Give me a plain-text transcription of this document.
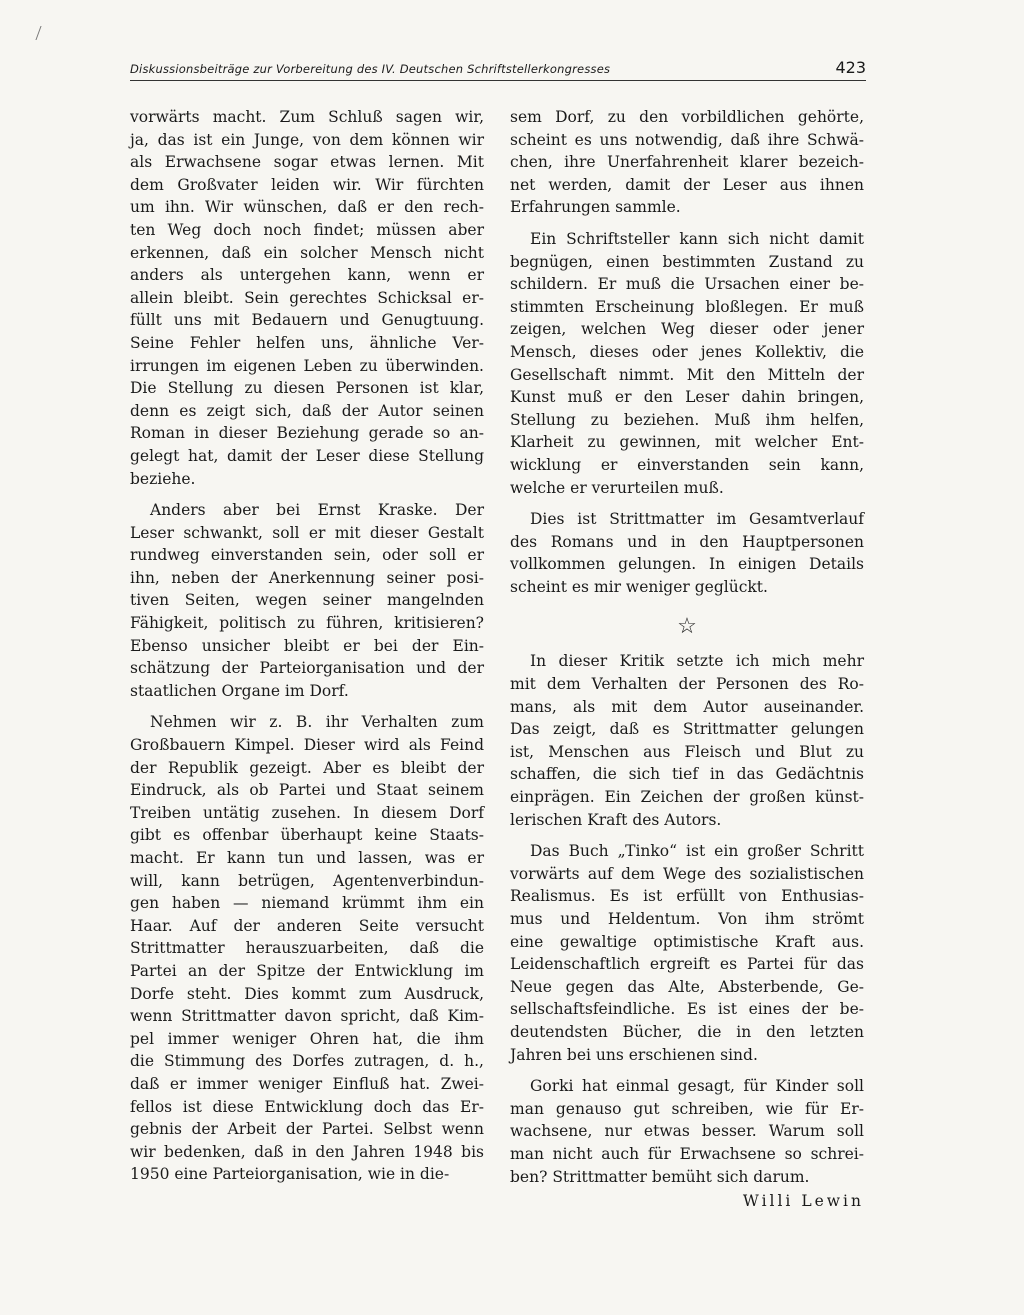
Diskussionsbeiträge zur Vorbereitung des IV. Deutschen Schriftstellerkongresses	423
vorwärts macht. Zum Schluß sagen wir,
ja, das ist ein Junge, von dem können wir
als Erwachsene sogar etwas lernen. Mit
dem Großvater leiden wir. Wir fürchten
um ihn. Wir wünschen, daß er den rech-
ten Weg doch noch findet; müssen aber
erkennen, daß ein solcher Mensch nicht
anders als untergehen kann, wenn er
allein bleibt. Sein gerechtes Schicksal er-
füllt uns mit Bedauern und Genugtuung.
Seine Fehler helfen uns, ähnliche Ver-
irrungen im eigenen Leben zu überwinden.
Die Stellung zu diesen Personen ist klar,
denn es zeigt sich, daß der Autor seinen
Roman in dieser Beziehung gerade so an-
gelegt hat, damit der Leser diese Stellung
beziehe.
Anders aber bei Ernst Kraske. Der
Leser schwankt, soll er mit dieser Gestalt
rundweg einverstanden sein, oder soll er
ihn, neben der Anerkennung seiner posi-
tiven Seiten, wegen seiner mangelnden
Fähigkeit, politisch zu führen, kritisieren?
Ebenso unsicher bleibt er bei der Ein-
schätzung der Parteiorganisation und der
staatlichen Organe im Dorf.
Nehmen wir z. B. ihr Verhalten zum
Großbauern Kimpel. Dieser wird als Feind
der Republik gezeigt. Aber es bleibt der
Eindruck, als ob Partei und Staat seinem
Treiben untätig zusehen. In diesem Dorf
gibt es offenbar überhaupt keine Staats-
macht. Er kann tun und lassen, was er
will, kann betrügen, Agentenverbindun-
gen haben — niemand krümmt ihm ein
Haar. Auf der anderen Seite versucht
Strittmatter herauszuarbeiten, daß die
Partei an der Spitze der Entwicklung im
Dorfe steht. Dies kommt zum Ausdruck,
wenn Strittmatter davon spricht, daß Kim-
pel immer weniger Ohren hat, die ihm
die Stimmung des Dorfes zutragen, d. h.,
daß er immer weniger Einfluß hat. Zwei-
fellos ist diese Entwicklung doch das Er-
gebnis der Arbeit der Partei. Selbst wenn
wir bedenken, daß in den Jahren 1948 bis
1950 eine Parteiorganisation, wie in die-
sem Dorf, zu den vorbildlichen gehörte,
scheint es uns notwendig, daß ihre Schwä-
chen, ihre Unerfahrenheit klarer bezeich-
net werden, damit der Leser aus ihnen
Erfahrungen sammle.
Ein Schriftsteller kann sich nicht damit
begnügen, einen bestimmten Zustand zu
schildern. Er muß die Ursachen einer be-
stimmten Erscheinung bloßlegen. Er muß
zeigen, welchen Weg dieser oder jener
Mensch, dieses oder jenes Kollektiv, die
Gesellschaft nimmt. Mit den Mitteln der
Kunst muß er den Leser dahin bringen,
Stellung zu beziehen. Muß ihm helfen,
Klarheit zu gewinnen, mit welcher Ent-
wicklung er einverstanden sein kann,
welche er verurteilen muß.
Dies ist Strittmatter im Gesamtverlauf
des Romans und in den Hauptpersonen
vollkommen gelungen. In einigen Details
scheint es mir weniger geglückt.
☆
In dieser Kritik setzte ich mich mehr
mit dem Verhalten der Personen des Ro-
mans, als mit dem Autor auseinander.
Das zeigt, daß es Strittmatter gelungen
ist, Menschen aus Fleisch und Blut zu
schaffen, die sich tief in das Gedächtnis
einprägen. Ein Zeichen der großen künst-
lerischen Kraft des Autors.
Das Buch „Tinko“ ist ein großer Schritt
vorwärts auf dem Wege des sozialistischen
Realismus. Es ist erfüllt von Enthusias-
mus und Heldentum. Von ihm strömt
eine gewaltige optimistische Kraft aus.
Leidenschaftlich ergreift es Partei für das
Neue gegen das Alte, Absterbende, Ge-
sellschaftsfeindliche. Es ist eines der be-
deutendsten Bücher, die in den letzten
Jahren bei uns erschienen sind.
Gorki hat einmal gesagt, für Kinder soll
man genauso gut schreiben, wie für Er-
wachsene, nur etwas besser. Warum soll
man nicht auch für Erwachsene so schrei-
ben? Strittmatter bemüht sich darum.
Willi Lewin
